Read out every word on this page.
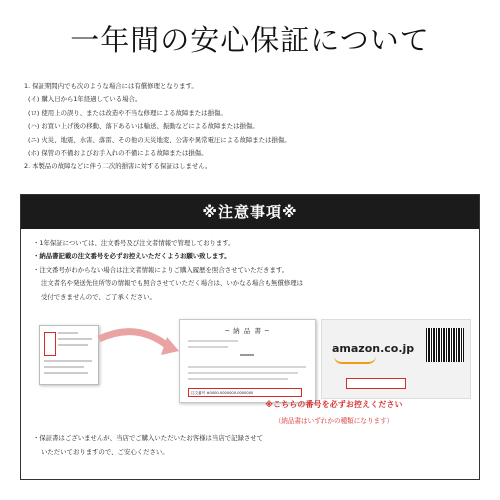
一年間の安心保証について
1. 保証期間内でも次のような場合には有償修理となります。
(イ) 購入日から1年経過している場合。
(ロ) 使用上の誤り、または改造や不当な修理による故障または損傷。
(ハ) お買い上げ後の移動、落下あるいは輸送、振動などによる故障または損傷。
(ニ) 火災、地震、水害、落雷、その他の天災地変、公害や異常電圧による故障または損傷。
(ホ) 保管の不備およびお手入れの不備による故障または損傷。
2. 本製品の故障などに伴う二次的損害に対する保証はしません。
※注意事項※
・1年保証については、注文番号及び注文者情報で管理しております。
・納品書記載の注文番号を必ずお控えいただくようお願い致します。
・注文番号がわからない場合は注文者情報によりご購入履歴を照合させていただきます。
注文者名や発送先住所等の情報でも照合させていただく場合は、いかなる場合も無償修理は
受付できませんので、ご了承ください。
─ 納 品 書 ─
注文番号 #0000-0000000-0000000
amazon.co.jp
※こちらの番号を必ずお控えください
（納品書はいずれかの種類になります）
・保証書はございませんが、当店でご購入いただいたお客様は当店で記録させて
いただいておりますので、ご安心ください。
